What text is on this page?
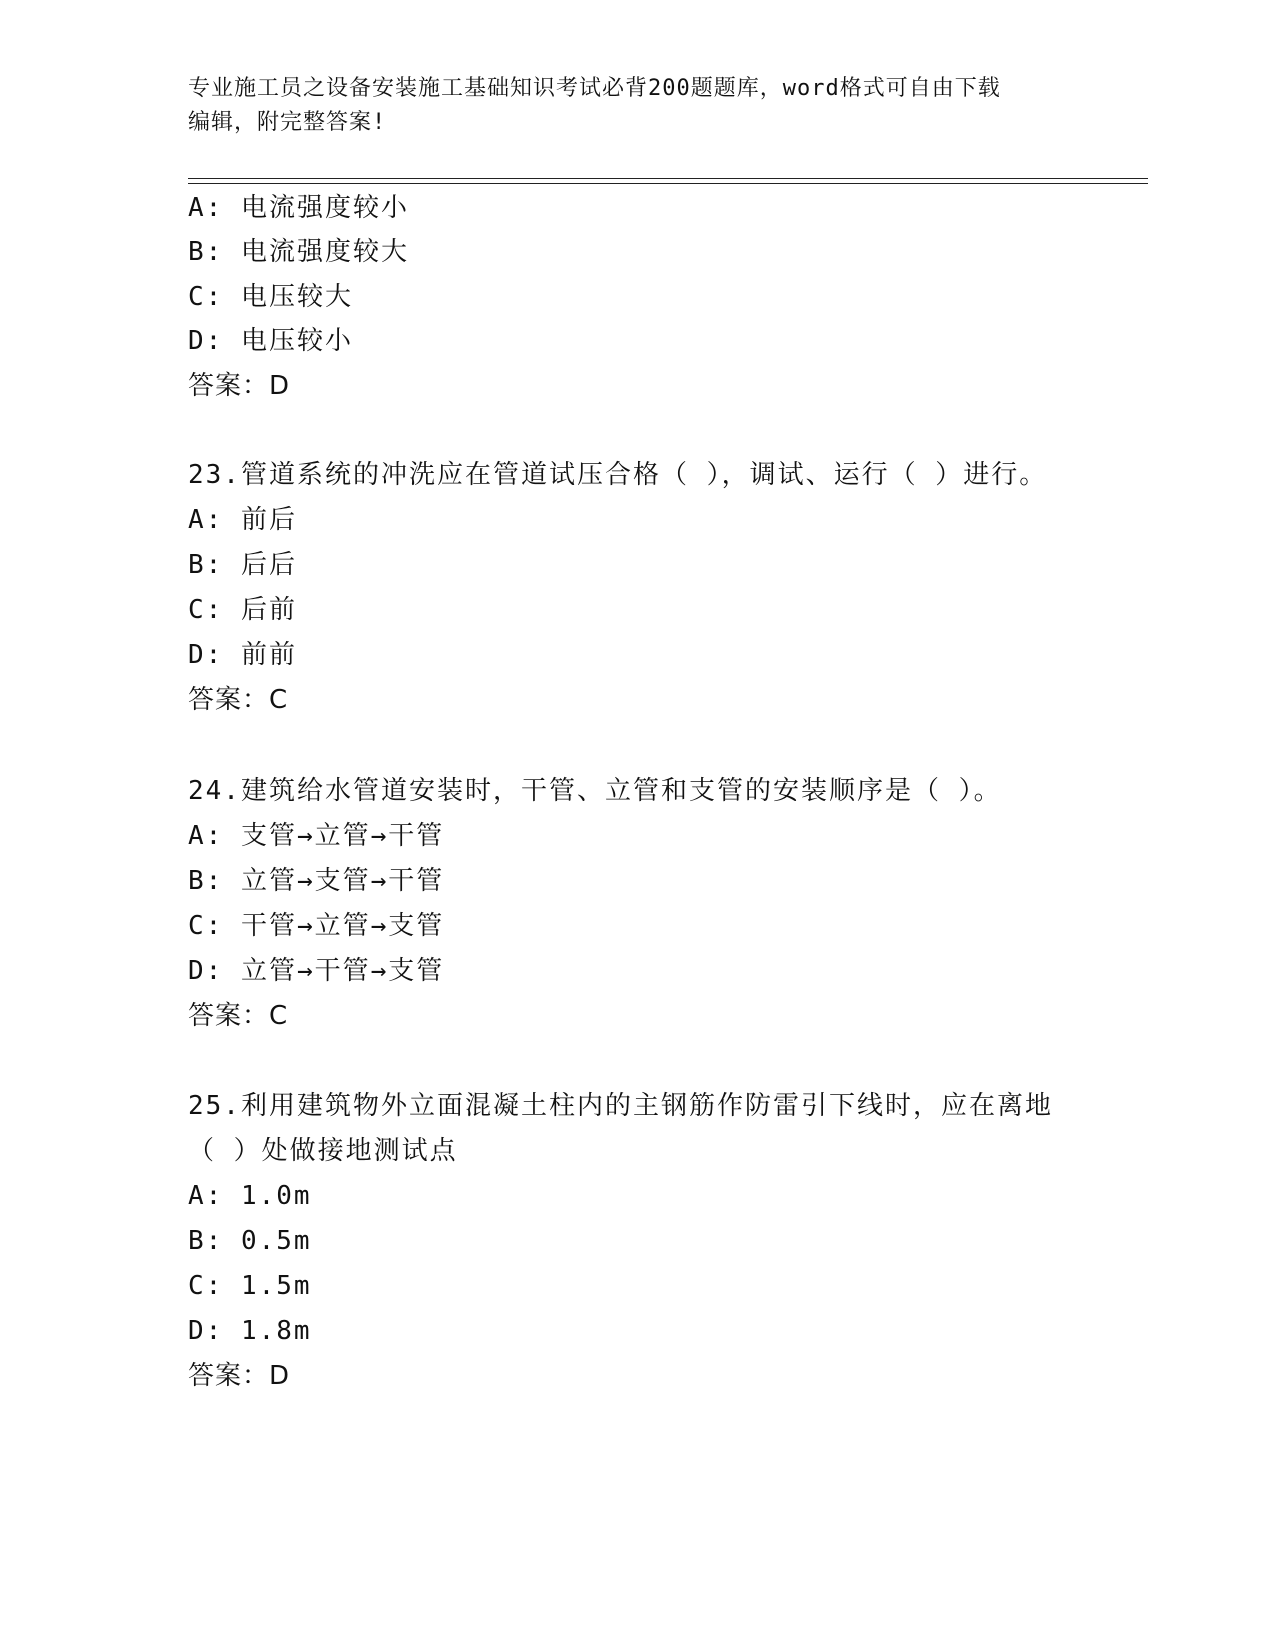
专业施工员之设备安装施工基础知识考试必背200题题库，word格式可自由下载
编辑，附完整答案!
A: 电流强度较小
B: 电流强度较大
C: 电压较大
D: 电压较小
答案：D
23.管道系统的冲洗应在管道试压合格（ ），调试、运行（ ）进行。
A: 前后
B: 后后
C: 后前
D: 前前
答案：C
24.建筑给水管道安装时，干管、立管和支管的安装顺序是（ ）。
A: 支管→立管→干管
B: 立管→支管→干管
C: 干管→立管→支管
D: 立管→干管→支管
答案：C
25.利用建筑物外立面混凝土柱内的主钢筋作防雷引下线时，应在离地
（ ）处做接地测试点
A: 1.0m
B: 0.5m
C: 1.5m
D: 1.8m
答案：D
